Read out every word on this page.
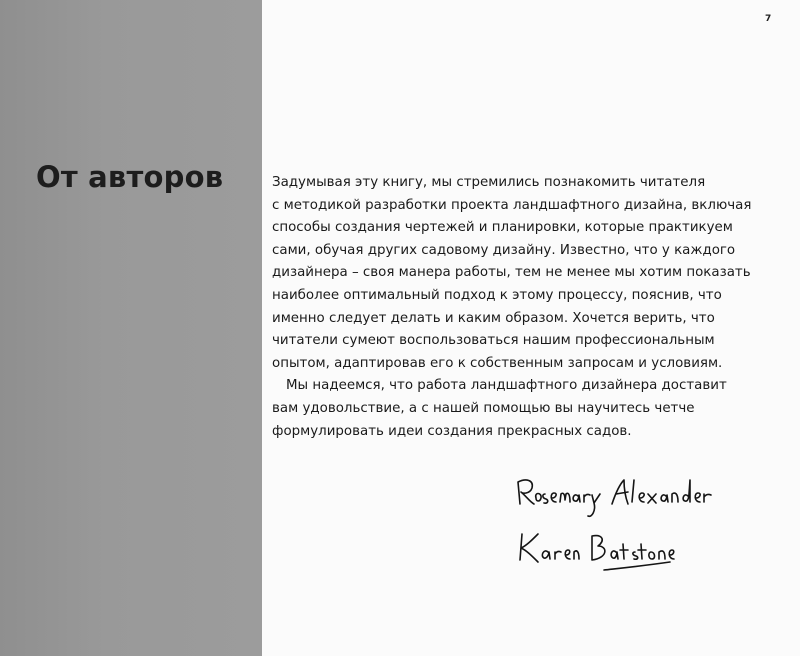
7
От авторов	Задумывая эту книгу, мы стремились познакомить читателя
с методикой разработки проекта ландшафтного дизайна, включая
способы создания чертежей и планировки, которые практикуем
сами, обучая других садовому дизайну. Известно, что у каждого
дизайнера – своя манера работы, тем не менее мы хотим показать
наиболее оптимальный подход к этому процессу, пояснив, что
именно следует делать и каким образом. Хочется верить, что
читатели сумеют воспользоваться нашим профессиональным
опытом, адаптировав его к собственным запросам и условиям.
Мы надеемся, что работа ландшафтного дизайнера доставит
вам удовольствие, а с нашей помощью вы научитесь четче
формулировать идеи создания прекрасных садов.
